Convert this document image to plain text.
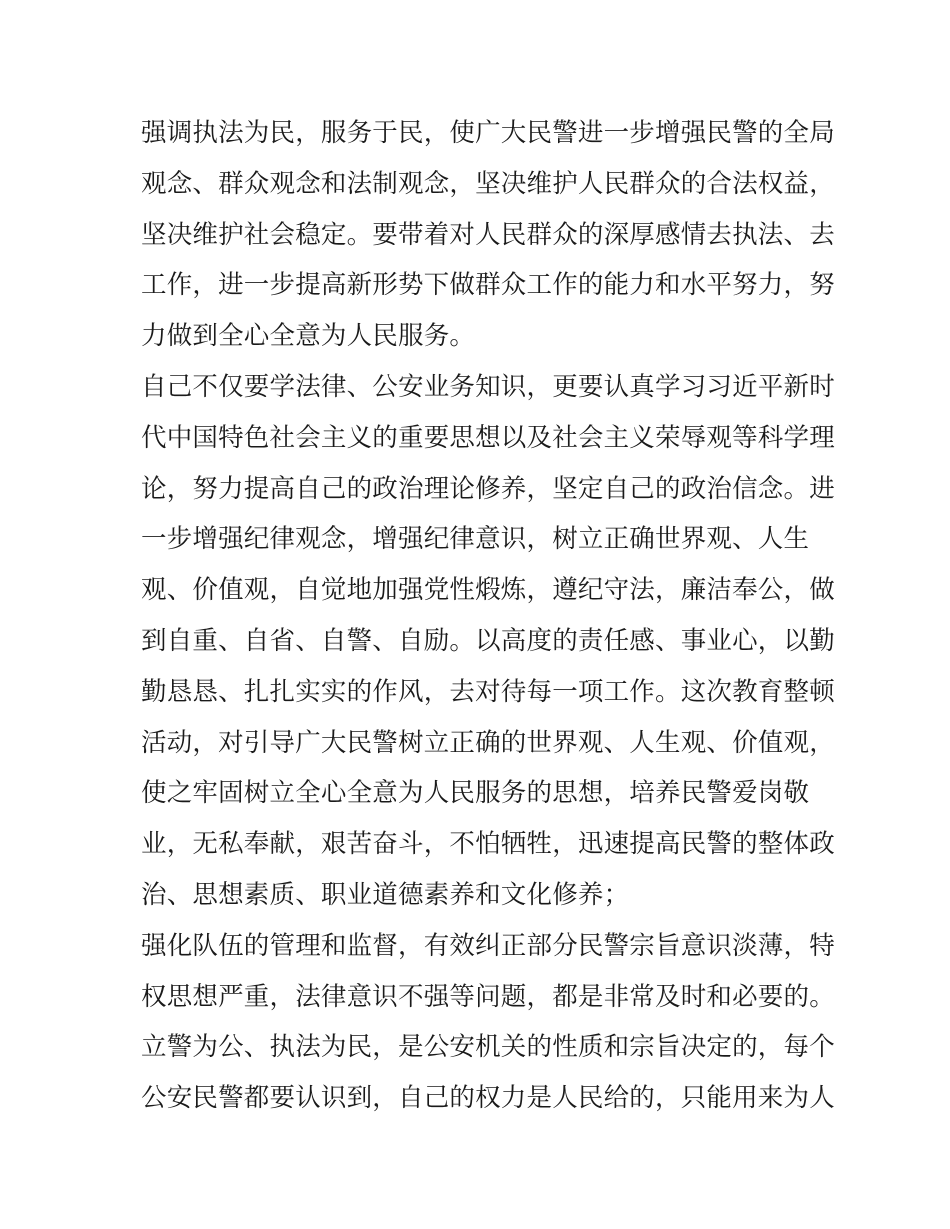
强调执法为民，服务于民，使广大民警进一步增强民警的全局
观念、群众观念和法制观念，坚决维护人民群众的合法权益，
坚决维护社会稳定。要带着对人民群众的深厚感情去执法、去
工作，进一步提高新形势下做群众工作的能力和水平努力，努
力做到全心全意为人民服务。
自己不仅要学法律、公安业务知识，更要认真学习习近平新时
代中国特色社会主义的重要思想以及社会主义荣辱观等科学理
论，努力提高自己的政治理论修养，坚定自己的政治信念。进
一步增强纪律观念，增强纪律意识，树立正确世界观、人生
观、价值观，自觉地加强党性煅炼，遵纪守法，廉洁奉公，做
到自重、自省、自警、自励。以高度的责任感、事业心，以勤
勤恳恳、扎扎实实的作风，去对待每一项工作。这次教育整顿
活动，对引导广大民警树立正确的世界观、人生观、价值观，
使之牢固树立全心全意为人民服务的思想，培养民警爱岗敬
业，无私奉献，艰苦奋斗，不怕牺牲，迅速提高民警的整体政
治、思想素质、职业道德素养和文化修养；
强化队伍的管理和监督，有效纠正部分民警宗旨意识淡薄，特
权思想严重，法律意识不强等问题，都是非常及时和必要的。
立警为公、执法为民，是公安机关的性质和宗旨决定的，每个
公安民警都要认识到，自己的权力是人民给的，只能用来为人
